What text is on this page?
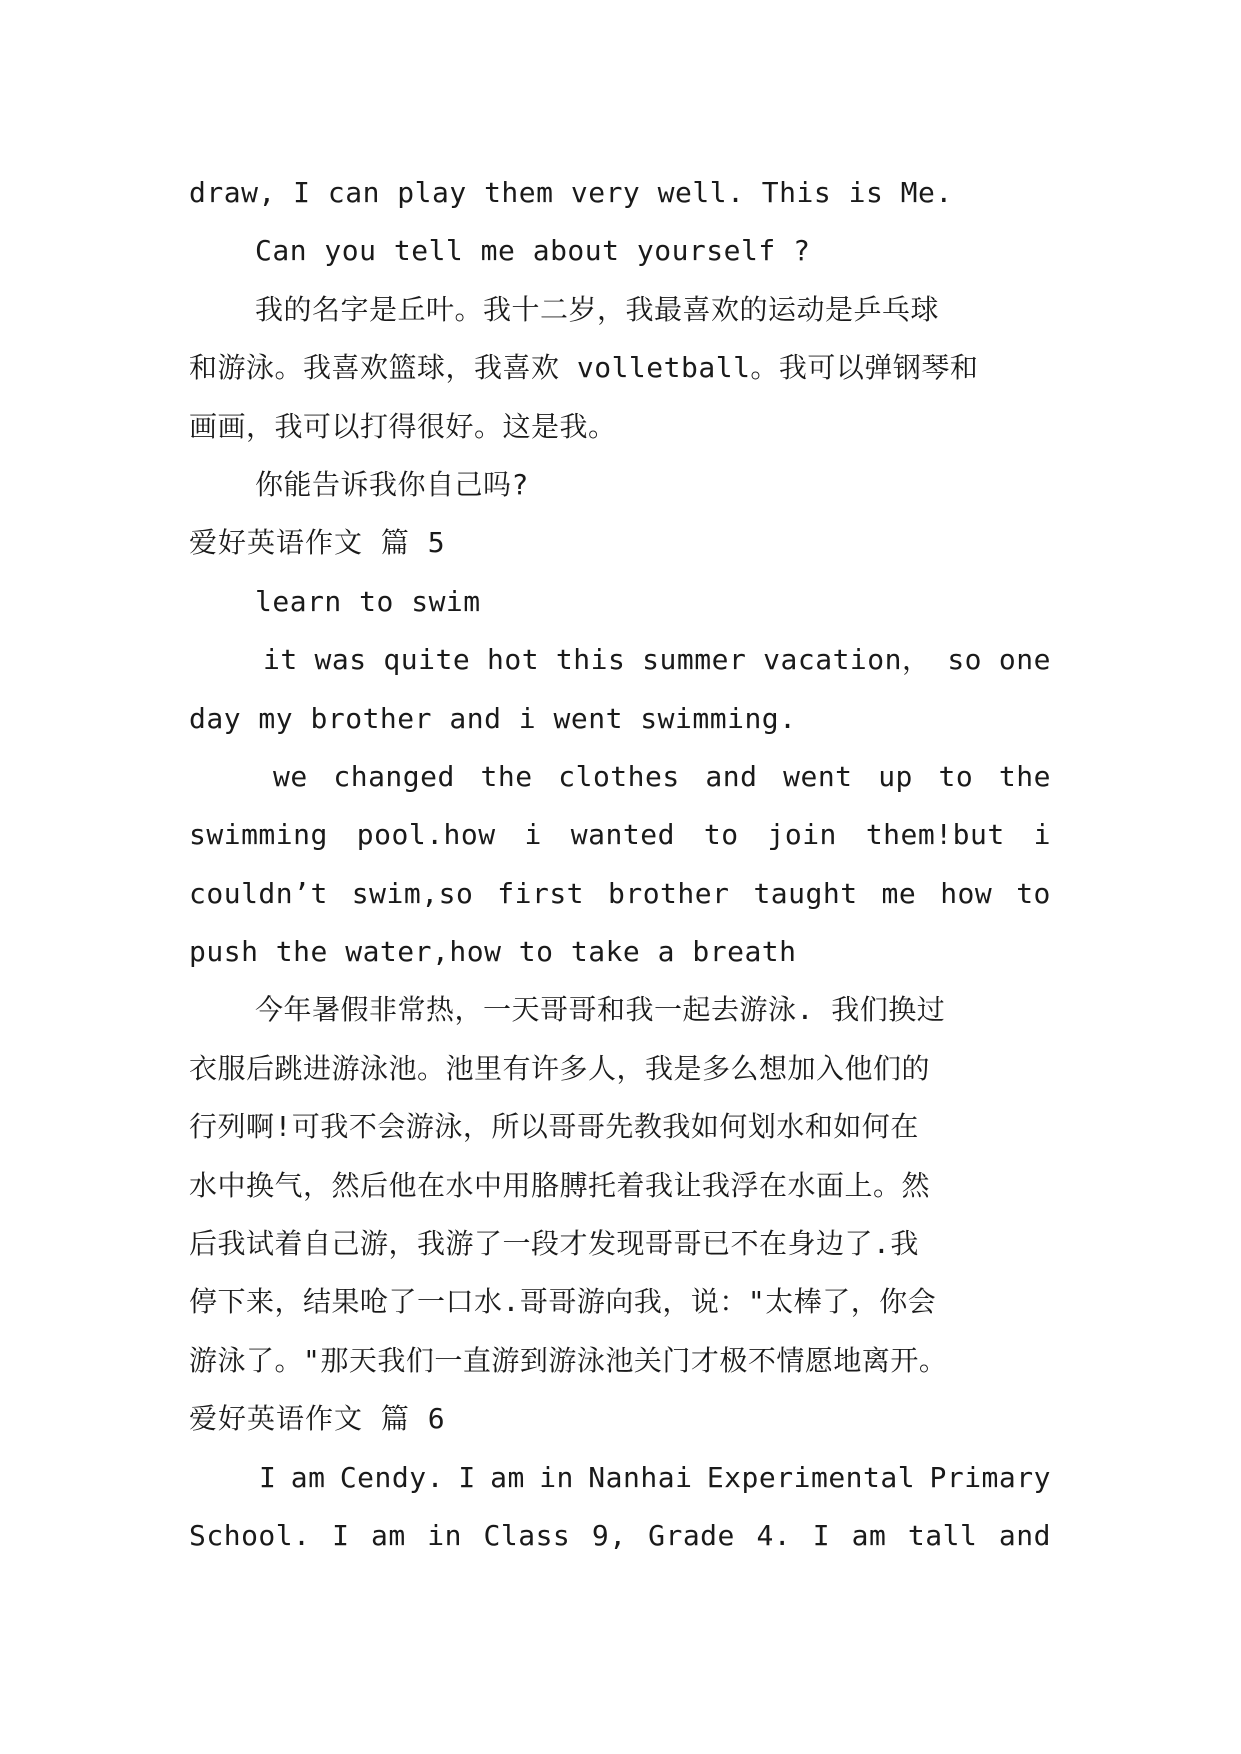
draw, I can play them very well. This is Me.
Can you tell me about yourself ?
我的名字是丘叶。我十二岁，我最喜欢的运动是乒乓球
和游泳。我喜欢篮球，我喜欢 volletball。我可以弹钢琴和
画画，我可以打得很好。这是我。
你能告诉我你自己吗?
爱好英语作文 篇 5
learn to swim
it was quite hot this summer vacation， so one
day my brother and i went swimming.
we changed the clothes and went up to the
swimming pool.how i wanted to join them!but i
couldn’t swim,so first brother taught me how to
push the water,how to take a breath
今年暑假非常热，一天哥哥和我一起去游泳. 我们换过
衣服后跳进游泳池。池里有许多人，我是多么想加入他们的
行列啊!可我不会游泳，所以哥哥先教我如何划水和如何在
水中换气，然后他在水中用胳膊托着我让我浮在水面上。然
后我试着自己游，我游了一段才发现哥哥已不在身边了.我
停下来，结果呛了一口水.哥哥游向我，说："太棒了，你会
游泳了。"那天我们一直游到游泳池关门才极不情愿地离开。
爱好英语作文 篇 6
I am Cendy. I am in Nanhai Experimental Primary
School. I am in Class 9, Grade 4. I am tall and
